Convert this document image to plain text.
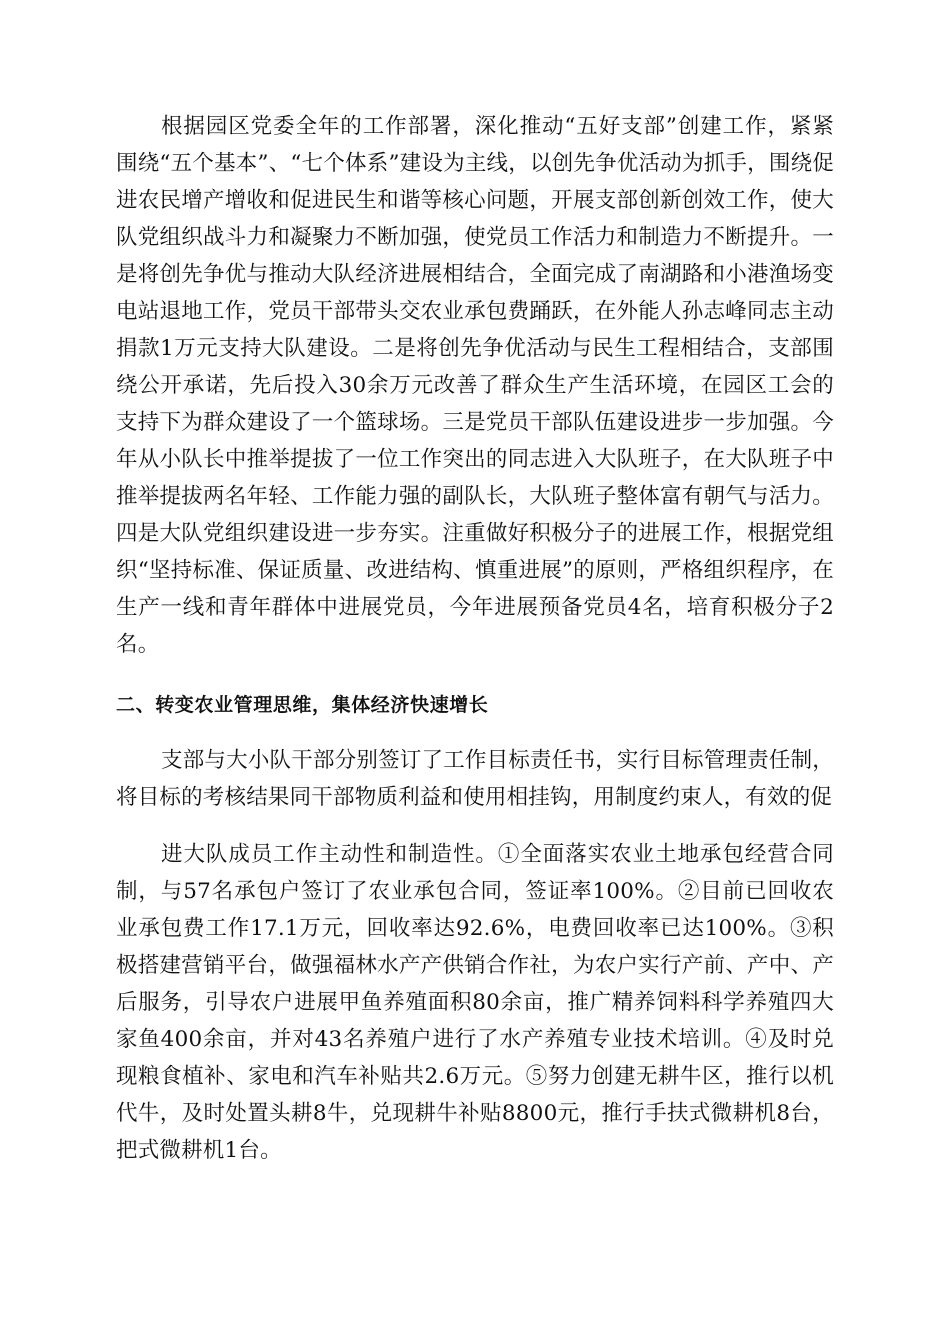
根据园区党委全年的工作部署，深化推动“五好支部”创建工作，紧紧围绕“五个基本”、“七个体系”建设为主线，以创先争优活动为抓手，围绕促进农民增产增收和促进民生和谐等核心问题，开展支部创新创效工作，使大队党组织战斗力和凝聚力不断加强，使党员工作活力和制造力不断提升。一是将创先争优与推动大队经济进展相结合，全面完成了南湖路和小港渔场变电站退地工作，党员干部带头交农业承包费踊跃，在外能人孙志峰同志主动捐款1万元支持大队建设。二是将创先争优活动与民生工程相结合，支部围绕公开承诺，先后投入30余万元改善了群众生产生活环境，在园区工会的支持下为群众建设了一个篮球场。三是党员干部队伍建设进步一步加强。今年从小队长中推举提拔了一位工作突出的同志进入大队班子，在大队班子中推举提拔两名年轻、工作能力强的副队长，大队班子整体富有朝气与活力。四是大队党组织建设进一步夯实。注重做好积极分子的进展工作，根据党组织“坚持标准、保证质量、改进结构、慎重进展”的原则，严格组织程序，在生产一线和青年群体中进展党员，今年进展预备党员4名，培育积极分子2名。

二、转变农业管理思维，集体经济快速增长

支部与大小队干部分别签订了工作目标责任书，实行目标管理责任制，将目标的考核结果同干部物质利益和使用相挂钩，用制度约束人，有效的促

进大队成员工作主动性和制造性。①全面落实农业土地承包经营合同制，与57名承包户签订了农业承包合同，签证率100%。②目前已回收农业承包费工作17.1万元，回收率达92.6%，电费回收率已达100%。③积极搭建营销平台，做强福林水产产供销合作社，为农户实行产前、产中、产后服务，引导农户进展甲鱼养殖面积80余亩，推广精养饲料科学养殖四大家鱼400余亩，并对43名养殖户进行了水产养殖专业技术培训。④及时兑现粮食植补、家电和汽车补贴共2.6万元。⑤努力创建无耕牛区，推行以机代牛，及时处置头耕8牛，兑现耕牛补贴8800元，推行手扶式微耕机8台，把式微耕机1台。
